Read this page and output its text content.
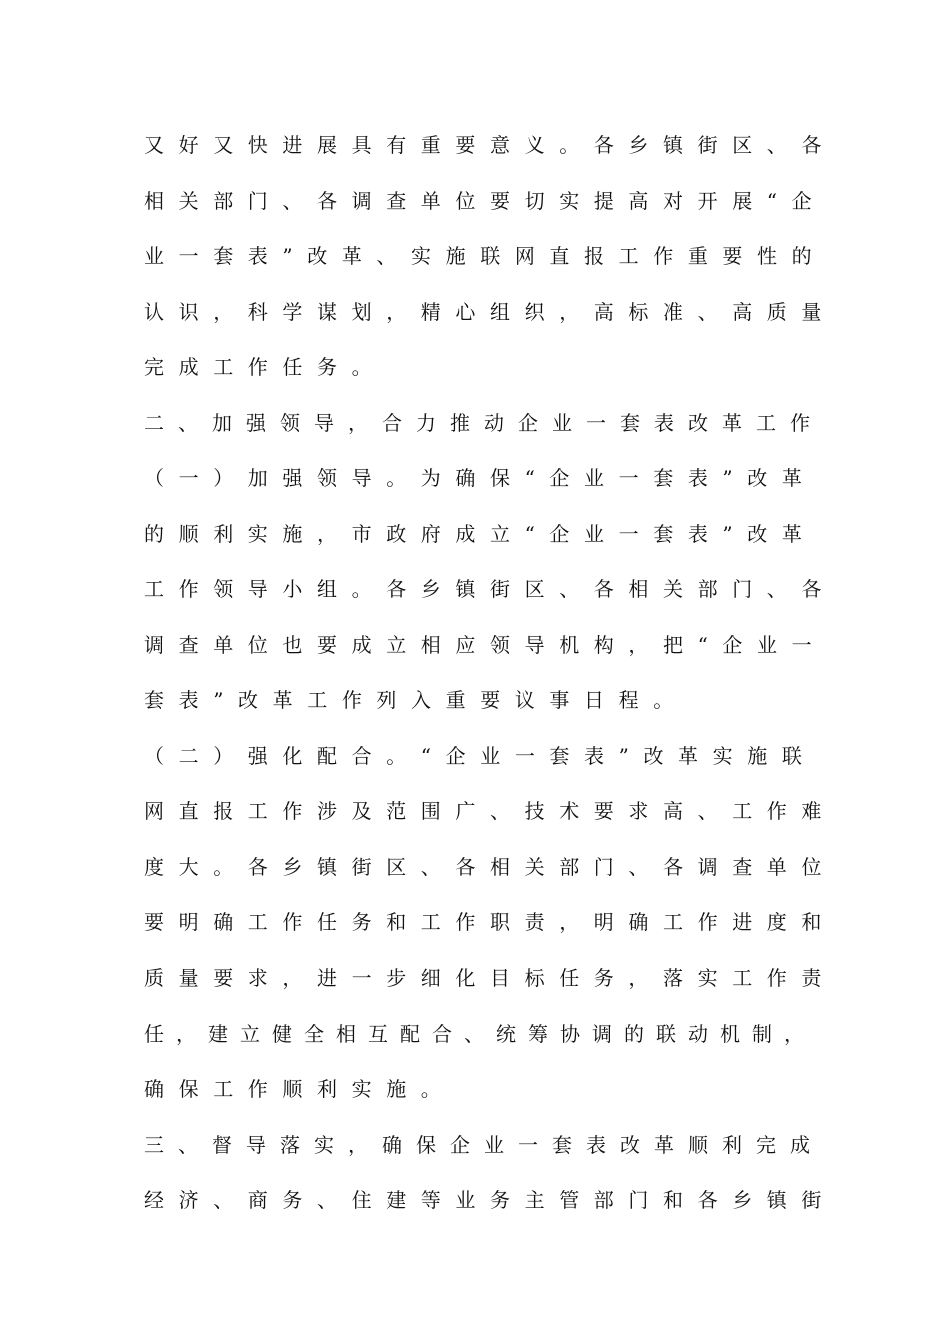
又好又快进展具有重要意义。各乡镇街区、各

相关部门、各调查单位要切实提高对开展“企

业一套表”改革、实施联网直报工作重要性的

认识，科学谋划，精心组织，高标准、高质量

完成工作任务。

二、加强领导，合力推动企业一套表改革工作

（一）加强领导。为确保“企业一套表”改革

的顺利实施，市政府成立“企业一套表”改革

工作领导小组。各乡镇街区、各相关部门、各

调查单位也要成立相应领导机构，把“企业一

套表”改革工作列入重要议事日程。

（二）强化配合。“企业一套表”改革实施联

网直报工作涉及范围广、技术要求高、工作难

度大。各乡镇街区、各相关部门、各调查单位

要明确工作任务和工作职责，明确工作进度和

质量要求，进一步细化目标任务，落实工作责

任，建立健全相互配合、统筹协调的联动机制，

确保工作顺利实施。

三、督导落实，确保企业一套表改革顺利完成

经济、商务、住建等业务主管部门和各乡镇街
